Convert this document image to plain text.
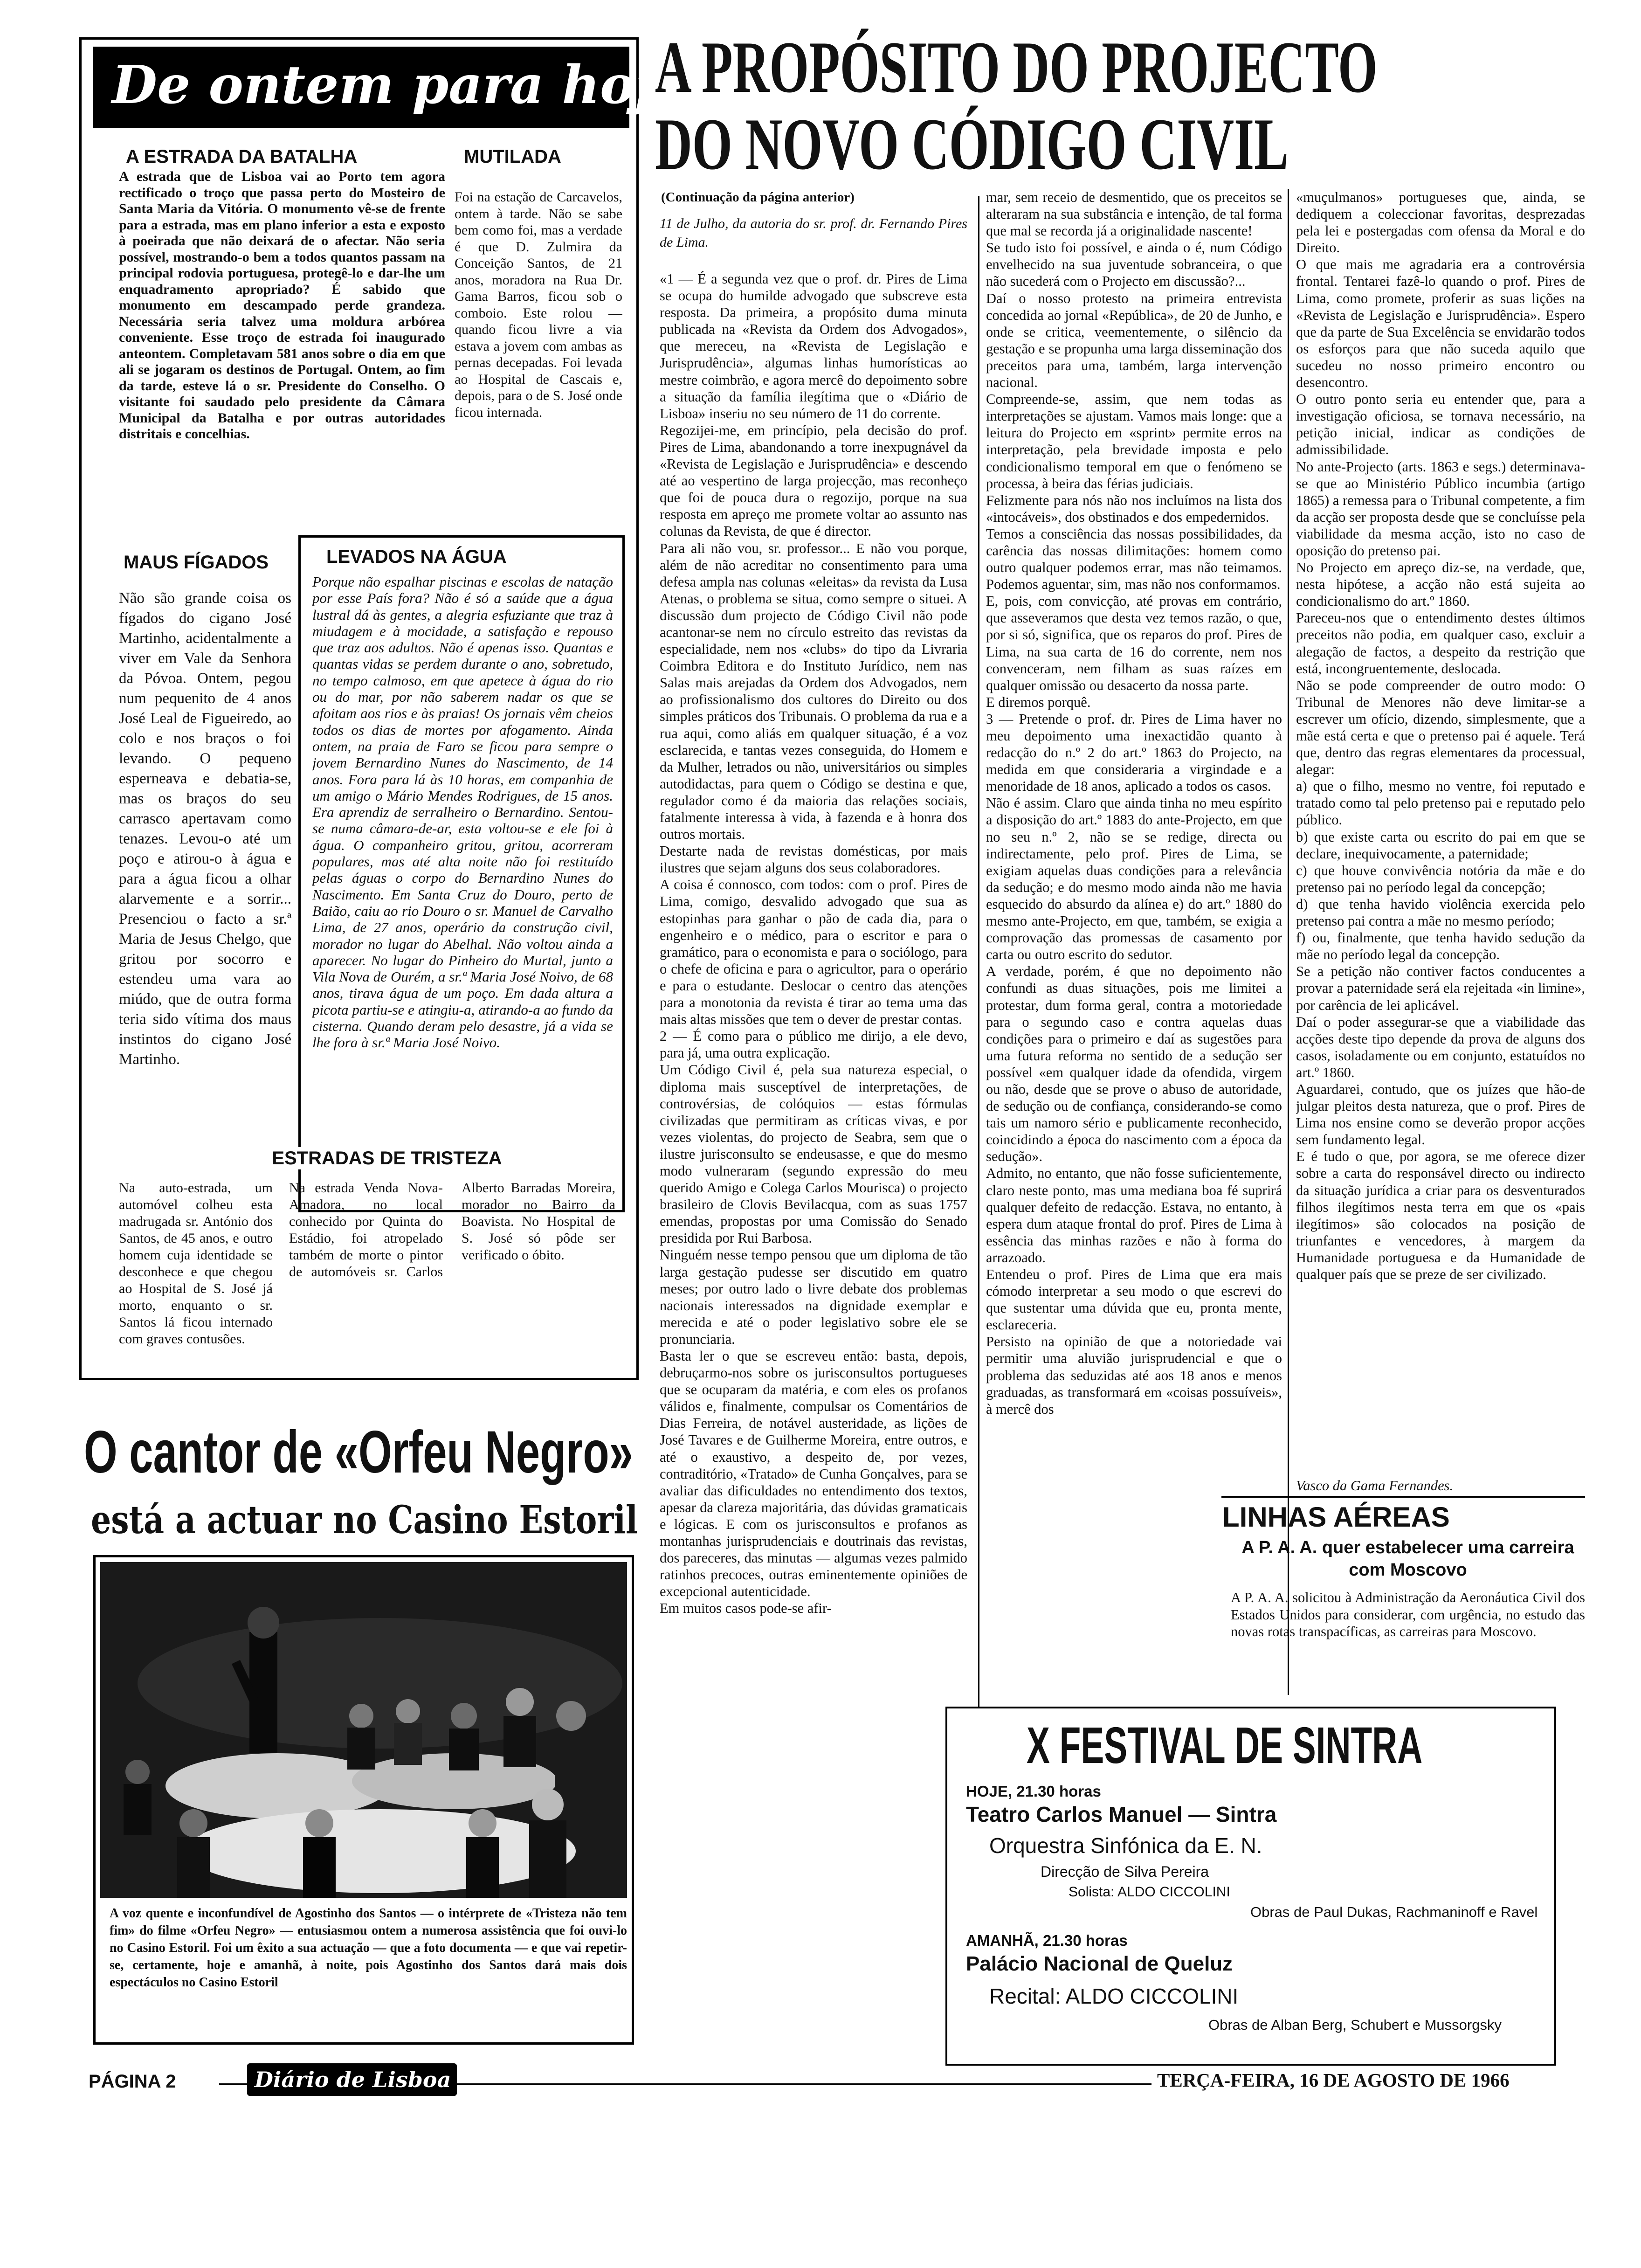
De ontem para hoje
A ESTRADA DA BATALHA
A estrada que de Lisboa vai ao Porto tem agora rectificado o troço que passa perto do Mosteiro de Santa Maria da Vitória. O monumento vê-se de frente para a estrada, mas em plano inferior a esta e exposto à poeirada que não deixará de o afectar. Não seria possível, mostrando-o bem a todos quantos passam na principal rodovia portuguesa, protegê-lo e dar-lhe um enquadramento apropriado? É sabido que monumento em descampado perde grandeza. Necessária seria talvez uma moldura arbórea conveniente. Esse troço de estrada foi inaugurado anteontem. Completavam 581 anos sobre o dia em que ali se jogaram os destinos de Portugal. Ontem, ao fim da tarde, esteve lá o sr. Presidente do Conselho. O visitante foi saudado pelo presidente da Câmara Municipal da Batalha e por outras autoridades distritais e concelhias.
MUTILADA
Foi na estação de Carcavelos, ontem à tarde. Não se sabe bem como foi, mas a verdade é que D. Zulmira da Conceição Santos, de 21 anos, moradora na Rua Dr. Gama Barros, ficou sob o comboio. Este rolou — quando ficou livre a via estava a jovem com ambas as pernas decepadas. Foi levada ao Hospital de Cascais e, depois, para o de S. José onde ficou internada.
MAUS FÍGADOS
Não são grande coisa os fígados do cigano José Martinho, acidentalmente a viver em Vale da Senhora da Póvoa. Ontem, pegou num pequenito de 4 anos José Leal de Figueiredo, ao colo e nos braços o foi levando. O pequeno esperneava e debatia-se, mas os braços do seu carrasco apertavam como tenazes. Levou-o até um poço e atirou-o à água e para a água ficou a olhar alarvemente e a sorrir... Presenciou o facto a sr.ª Maria de Jesus Chelgo, que gritou por socorro e estendeu uma vara ao miúdo, que de outra forma teria sido vítima dos maus instintos do cigano José Martinho.
LEVADOS NA ÁGUA
Porque não espalhar piscinas e escolas de natação por esse País fora? Não é só a saúde que a água lustral dá às gentes, a alegria esfuziante que traz à miudagem e à mocidade, a satisfação e repouso que traz aos adultos. Não é apenas isso. Quantas e quantas vidas se perdem durante o ano, sobretudo, no tempo calmoso, em que apetece à água do rio ou do mar, por não saberem nadar os que se afoitam aos rios e às praias! Os jornais vêm cheios todos os dias de mortes por afogamento. Ainda ontem, na praia de Faro se ficou para sempre o jovem Bernardino Nunes do Nascimento, de 14 anos. Fora para lá às 10 horas, em companhia de um amigo o Mário Mendes Rodrigues, de 15 anos. Era aprendiz de serralheiro o Bernardino. Sentou-se numa câmara-de-ar, esta voltou-se e ele foi à água. O companheiro gritou, gritou, acorreram populares, mas até alta noite não foi restituído pelas águas o corpo do Bernardino Nunes do Nascimento. Em Santa Cruz do Douro, perto de Baião, caiu ao rio Douro o sr. Manuel de Carvalho Lima, de 27 anos, operário da construção civil, morador no lugar do Abelhal. Não voltou ainda a aparecer. No lugar do Pinheiro do Murtal, junto a Vila Nova de Ourém, a sr.ª Maria José Noivo, de 68 anos, tirava água de um poço. Em dada altura a picota partiu-se e atingiu-a, atirando-a ao fundo da cisterna. Quando deram pelo desastre, já a vida se lhe fora à sr.ª Maria José Noivo.
ESTRADAS DE TRISTEZA
Na auto-estrada, um automóvel colheu esta madrugada sr. António dos Santos, de 45 anos, e outro homem cuja identidade se desconhece e que chegou ao Hospital de S. José já morto, enquanto o sr. Santos lá ficou internado com graves contusões.
Na estrada Venda Nova-Amadora, no local conhecido por Quinta do Estádio, foi atropelado também de morte o pintor de automóveis sr. Carlos Alberto Barradas Moreira, morador no Bairro da Boavista. No Hospital de S. José só pôde ser verificado o óbito.
O cantor de «Orfeu Negro»
está a actuar no Casino Estoril
A voz quente e inconfundível de Agostinho dos Santos — o intérprete de «Tristeza não tem fim» do filme «Orfeu Negro» — entusiasmou ontem a numerosa assistência que foi ouvi-lo no Casino Estoril. Foi um êxito a sua actuação — que a foto documenta — e que vai repetir-se, certamente, hoje e amanhã, à noite, pois Agostinho dos Santos dará mais dois espectáculos no Casino Estoril
A PROPÓSITO DO PROJECTO
DO NOVO CÓDIGO CIVIL
(Continuação da página anterior)
11 de Julho, da autoria do sr. prof. dr. Fernando Pires de Lima.
«1 — É a segunda vez que o prof. dr. Pires de Lima se ocupa do humilde advogado que subscreve esta resposta. Da primeira, a propósito duma minuta publicada na «Revista da Ordem dos Advogados», que mereceu, na «Revista de Legislação e Jurisprudência», algumas linhas humorísticas ao mestre coimbrão, e agora mercê do depoimento sobre a situação da família ilegítima que o «Diário de Lisboa» inseriu no seu número de 11 do corrente.
Regozijei-me, em princípio, pela decisão do prof. Pires de Lima, abandonando a torre inexpugnável da «Revista de Legislação e Jurisprudência» e descendo até ao vespertino de larga projecção, mas reconheço que foi de pouca dura o regozijo, porque na sua resposta em apreço me promete voltar ao assunto nas colunas da Revista, de que é director.
Para ali não vou, sr. professor... E não vou porque, além de não acreditar no consentimento para uma defesa ampla nas colunas «eleitas» da revista da Lusa Atenas, o problema se situa, como sempre o situei. A discussão dum projecto de Código Civil não pode acantonar-se nem no círculo estreito das revistas da especialidade, nem nos «clubs» do tipo da Livraria Coimbra Editora e do Instituto Jurídico, nem nas Salas mais arejadas da Ordem dos Advogados, nem ao profissionalismo dos cultores do Direito ou dos simples práticos dos Tribunais. O problema da rua e a rua aqui, como aliás em qualquer situação, é a voz esclarecida, e tantas vezes conseguida, do Homem e da Mulher, letrados ou não, universitários ou simples autodidactas, para quem o Código se destina e que, regulador como é da maioria das relações sociais, fatalmente interessa à vida, à fazenda e à honra dos outros mortais.
Destarte nada de revistas domésticas, por mais ilustres que sejam alguns dos seus colaboradores.
A coisa é connosco, com todos: com o prof. Pires de Lima, comigo, desvalido advogado que sua as estopinhas para ganhar o pão de cada dia, para o engenheiro e o médico, para o escritor e para o gramático, para o economista e para o sociólogo, para o chefe de oficina e para o agricultor, para o operário e para o estudante. Deslocar o centro das atenções para a monotonia da revista é tirar ao tema uma das mais altas missões que tem o dever de prestar contas.
2 — É como para o público me dirijo, a ele devo, para já, uma outra explicação.
Um Código Civil é, pela sua natureza especial, o diploma mais susceptível de interpretações, de controvérsias, de colóquios — estas fórmulas civilizadas que permitiram as críticas vivas, e por vezes violentas, do projecto de Seabra, sem que o ilustre jurisconsulto se endeusasse, e que do mesmo modo vulneraram (segundo expressão do meu querido Amigo e Colega Carlos Mourisca) o projecto brasileiro de Clovis Bevilacqua, com as suas 1757 emendas, propostas por uma Comissão do Senado presidida por Rui Barbosa.
Ninguém nesse tempo pensou que um diploma de tão larga gestação pudesse ser discutido em quatro meses; por outro lado o livre debate dos problemas nacionais interessados na dignidade exemplar e merecida e até o poder legislativo sobre ele se pronunciaria.
Basta ler o que se escreveu então: basta, depois, debruçarmo-nos sobre os jurisconsultos portugueses que se ocuparam da matéria, e com eles os profanos válidos e, finalmente, compulsar os Comentários de Dias Ferreira, de notável austeridade, as lições de José Tavares e de Guilherme Moreira, entre outros, e até o exaustivo, a despeito de, por vezes, contraditório, «Tratado» de Cunha Gonçalves, para se avaliar das dificuldades no entendimento dos textos, apesar da clareza majoritária, das dúvidas gramaticais e lógicas. E com os jurisconsultos e profanos as montanhas jurisprudenciais e doutrinais das revistas, dos pareceres, das minutas — algumas vezes palmido ratinhos precoces, outras eminentemente opiniões de excepcional autenticidade.
Em muitos casos pode-se afir-
mar, sem receio de desmentido, que os preceitos se alteraram na sua substância e intenção, de tal forma que mal se recorda já a originalidade nascente!
Se tudo isto foi possível, e ainda o é, num Código envelhecido na sua juventude sobranceira, o que não sucederá com o Projecto em discussão?...
Daí o nosso protesto na primeira entrevista concedida ao jornal «República», de 20 de Junho, e onde se critica, veementemente, o silêncio da gestação e se propunha uma larga disseminação dos preceitos para uma, também, larga intervenção nacional.
Compreende-se, assim, que nem todas as interpretações se ajustam. Vamos mais longe: que a leitura do Projecto em «sprint» permite erros na interpretação, pela brevidade imposta e pelo condicionalismo temporal em que o fenómeno se processa, à beira das férias judiciais.
Felizmente para nós não nos incluímos na lista dos «intocáveis», dos obstinados e dos empedernidos.
Temos a consciência das nossas possibilidades, da carência das nossas dilimitações: homem como outro qualquer podemos errar, mas não teimamos. Podemos aguentar, sim, mas não nos conformamos.
E, pois, com convicção, até provas em contrário, que asseveramos que desta vez temos razão, o que, por si só, significa, que os reparos do prof. Pires de Lima, na sua carta de 16 do corrente, nem nos convenceram, nem filham as suas raízes em qualquer omissão ou desacerto da nossa parte.
E diremos porquê.
3 — Pretende o prof. dr. Pires de Lima haver no meu depoimento uma inexactidão quanto à redacção do n.º 2 do art.º 1863 do Projecto, na medida em que consideraria a virgindade e a menoridade de 18 anos, aplicado a todos os casos.
Não é assim. Claro que ainda tinha no meu espírito a disposição do art.º 1883 do ante-Projecto, em que no seu n.º 2, não se se redige, directa ou indirectamente, pelo prof. Pires de Lima, se exigiam aquelas duas condições para a relevância da sedução; e do mesmo modo ainda não me havia esquecido do absurdo da alínea e) do art.º 1880 do mesmo ante-Projecto, em que, também, se exigia a comprovação das promessas de casamento por carta ou outro escrito do sedutor.
A verdade, porém, é que no depoimento não confundi as duas situações, pois me limitei a protestar, dum forma geral, contra a motoriedade para o segundo caso e contra aquelas duas condições para o primeiro e daí as sugestões para uma futura reforma no sentido de a sedução ser possível «em qualquer idade da ofendida, virgem ou não, desde que se prove o abuso de autoridade, de sedução ou de confiança, considerando-se como tais um namoro sério e publicamente reconhecido, coincidindo a época do nascimento com a época da sedução».
Admito, no entanto, que não fosse suficientemente, claro neste ponto, mas uma mediana boa fé suprirá qualquer defeito de redacção. Estava, no entanto, à espera dum ataque frontal do prof. Pires de Lima à essência das minhas razões e não à forma do arrazoado.
Entendeu o prof. Pires de Lima que era mais cómodo interpretar a seu modo o que escrevi do que sustentar uma dúvida que eu, pronta mente, esclareceria.
Persisto na opinião de que a notoriedade vai permitir uma aluvião jurisprudencial e que o problema das seduzidas até aos 18 anos e menos graduadas, as transformará em «coisas possuíveis», à mercê dos
«muçulmanos» portugueses que, ainda, se dediquem a coleccionar favoritas, desprezadas pela lei e postergadas com ofensa da Moral e do Direito.
O que mais me agradaria era a controvérsia frontal. Tentarei fazê-lo quando o prof. Pires de Lima, como promete, proferir as suas lições na «Revista de Legislação e Jurisprudência». Espero que da parte de Sua Excelência se envidarão todos os esforços para que não suceda aquilo que sucedeu no nosso primeiro encontro ou desencontro.
O outro ponto seria eu entender que, para a investigação oficiosa, se tornava necessário, na petição inicial, indicar as condições de admissibilidade.
No ante-Projecto (arts. 1863 e segs.) determinava-se que ao Ministério Público incumbia (artigo 1865) a remessa para o Tribunal competente, a fim da acção ser proposta desde que se concluísse pela viabilidade da mesma acção, isto no caso de oposição do pretenso pai.
No Projecto em apreço diz-se, na verdade, que, nesta hipótese, a acção não está sujeita ao condicionalismo do art.º 1860.
Pareceu-nos que o entendimento destes últimos preceitos não podia, em qualquer caso, excluir a alegação de factos, a despeito da restrição que está, incongruentemente, deslocada.
Não se pode compreender de outro modo: O Tribunal de Menores não deve limitar-se a escrever um ofício, dizendo, simplesmente, que a mãe está certa e que o pretenso pai é aquele. Terá que, dentro das regras elementares da processual, alegar:
a) que o filho, mesmo no ventre, foi reputado e tratado como tal pelo pretenso pai e reputado pelo público.
b) que existe carta ou escrito do pai em que se declare, inequivocamente, a paternidade;
c) que houve convivência notória da mãe e do pretenso pai no período legal da concepção;
d) que tenha havido violência exercida pelo pretenso pai contra a mãe no mesmo período;
f) ou, finalmente, que tenha havido sedução da mãe no período legal da concepção.
Se a petição não contiver factos conducentes a provar a paternidade será ela rejeitada «in limine», por carência de lei aplicável.
Daí o poder assegurar-se que a viabilidade das acções deste tipo depende da prova de alguns dos casos, isoladamente ou em conjunto, estatuídos no art.º 1860.
Aguardarei, contudo, que os juízes que hão-de julgar pleitos desta natureza, que o prof. Pires de Lima nos ensine como se deverão propor acções sem fundamento legal.
E é tudo o que, por agora, se me oferece dizer sobre a carta do responsável directo ou indirecto da situação jurídica a criar para os desventurados filhos ilegítimos nesta terra em que os «pais ilegítimos» são colocados na posição de triunfantes e vencedores, à margem da Humanidade portuguesa e da Humanidade de qualquer país que se preze de ser civilizado.
Vasco da Gama Fernandes.
LINHAS AÉREAS
A P. A. A. quer estabelecer uma carreira com Moscovo
A P. A. A. solicitou à Administração da Aeronáutica Civil dos Estados Unidos para considerar, com urgência, no estudo das novas rotas transpacíficas, as carreiras para Moscovo.
X FESTIVAL DE SINTRA
HOJE, 21.30 horas
Teatro Carlos Manuel — Sintra
Orquestra Sinfónica da E. N.
Direcção de Silva Pereira
Solista: ALDO CICCOLINI
Obras de Paul Dukas, Rachmaninoff e Ravel
AMANHÃ, 21.30 horas
Palácio Nacional de Queluz
Recital: ALDO CICCOLINI
Obras de Alban Berg, Schubert e Mussorgsky
PÁGINA 2	Diário de Lisboa	TERÇA-FEIRA, 16 DE AGOSTO DE 1966
